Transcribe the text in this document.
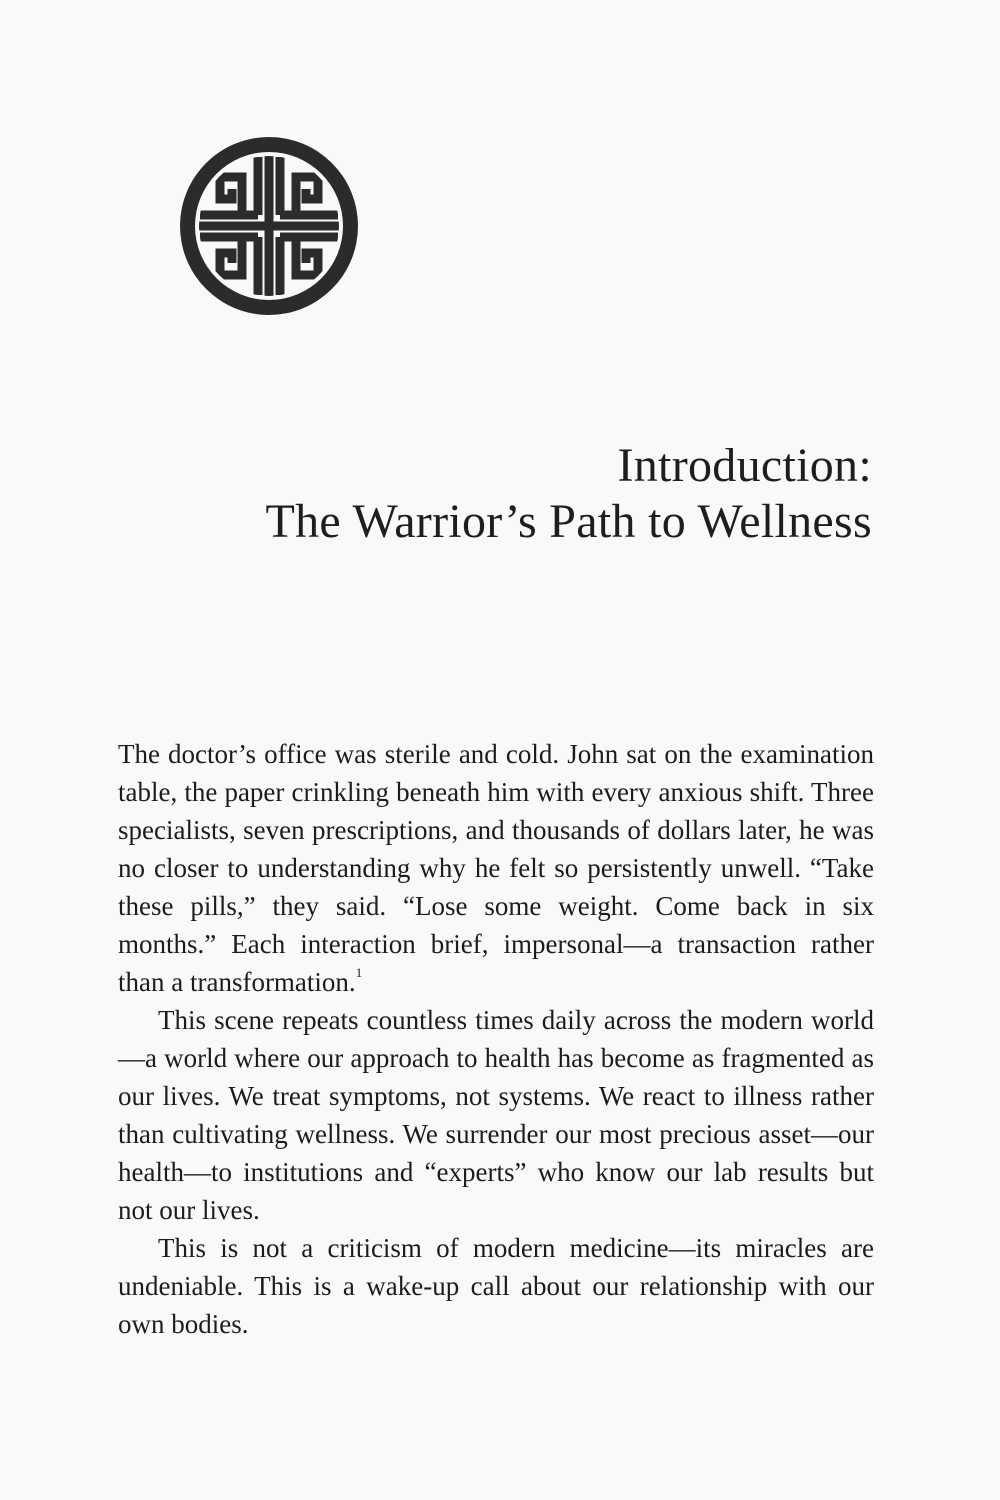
Introduction:
The Warrior’s Path to Wellness

The doctor’s office was sterile and cold. John sat on the examination table, the paper crinkling beneath him with every anxious shift. Three specialists, seven prescriptions, and thousands of dollars later, he was no closer to understanding why he felt so persistently unwell. “Take these pills,” they said. “Lose some weight. Come back in six months.” Each interaction brief, impersonal—a transaction rather than a transformation.$^1$

This scene repeats countless times daily across the modern world—a world where our approach to health has become as fragmented as our lives. We treat symptoms, not systems. We react to illness rather than cultivating wellness. We surrender our most precious asset—our health—to institutions and “experts” who know our lab results but not our lives.

This is not a criticism of modern medicine—its miracles are undeniable. This is a wake-up call about our relationship with our own bodies.
